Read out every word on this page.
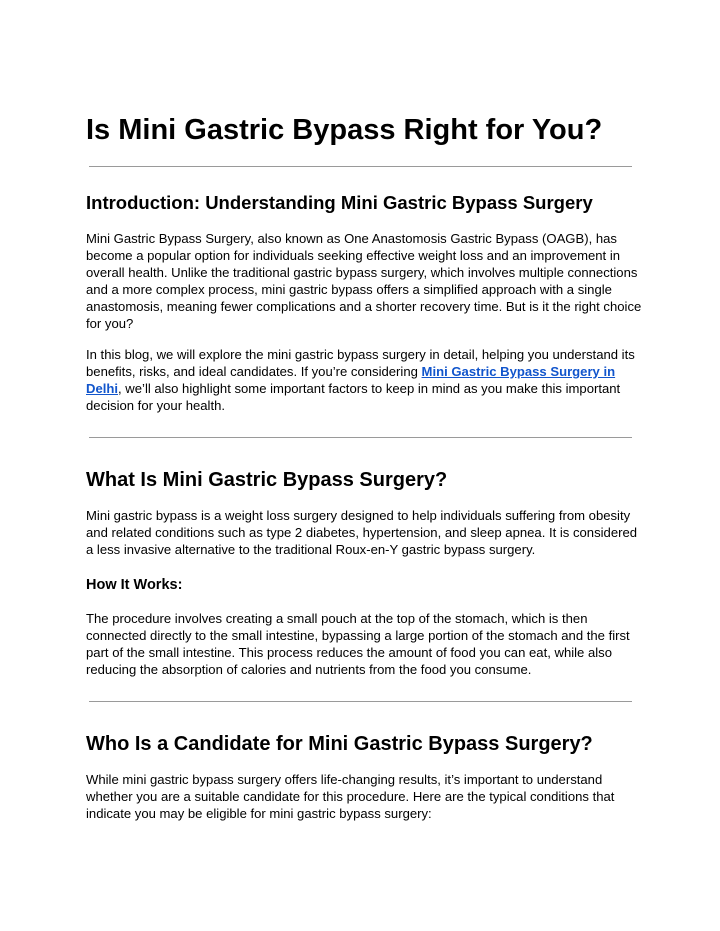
Is Mini Gastric Bypass Right for You?
Introduction: Understanding Mini Gastric Bypass Surgery
Mini Gastric Bypass Surgery, also known as One Anastomosis Gastric Bypass (OAGB), has
become a popular option for individuals seeking effective weight loss and an improvement in
overall health. Unlike the traditional gastric bypass surgery, which involves multiple connections
and a more complex process, mini gastric bypass offers a simplified approach with a single
anastomosis, meaning fewer complications and a shorter recovery time. But is it the right choice
for you?
In this blog, we will explore the mini gastric bypass surgery in detail, helping you understand its
benefits, risks, and ideal candidates. If you’re considering Mini Gastric Bypass Surgery in
Delhi, we’ll also highlight some important factors to keep in mind as you make this important
decision for your health.
What Is Mini Gastric Bypass Surgery?
Mini gastric bypass is a weight loss surgery designed to help individuals suffering from obesity
and related conditions such as type 2 diabetes, hypertension, and sleep apnea. It is considered
a less invasive alternative to the traditional Roux-en-Y gastric bypass surgery.
How It Works:
The procedure involves creating a small pouch at the top of the stomach, which is then
connected directly to the small intestine, bypassing a large portion of the stomach and the first
part of the small intestine. This process reduces the amount of food you can eat, while also
reducing the absorption of calories and nutrients from the food you consume.
Who Is a Candidate for Mini Gastric Bypass Surgery?
While mini gastric bypass surgery offers life-changing results, it’s important to understand
whether you are a suitable candidate for this procedure. Here are the typical conditions that
indicate you may be eligible for mini gastric bypass surgery:
